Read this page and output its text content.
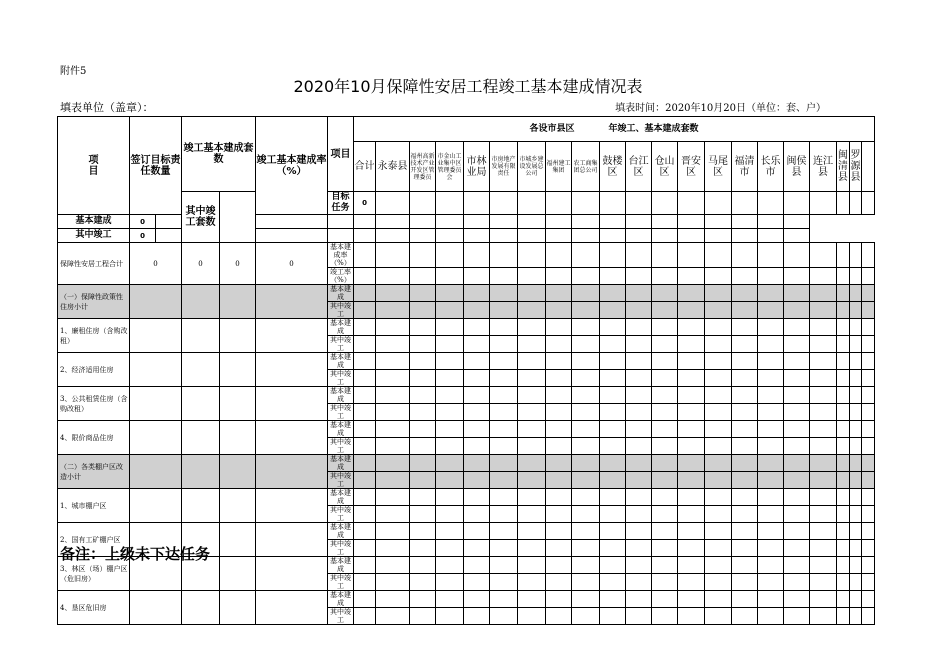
附件5
2020年10月保障性安居工程竣工基本建成情况表
填表单位（盖章）：	填表时间：2020年10月20日（单位：套、户）
项
目	签订目标责任数量		竣工基本建成套数		竣工基本建成率（%）	项目	各设市县区 年竣工、基本建成套数																				
							合计	永泰县	福州高新技术产业开发区管理委员	市金山工业集中区管理委员会	市林业局	市房地产发展有限责任	市城乡建设发展总公司	福州建工集团	农工商集团总公司	鼓楼区	台江区	仓山区	晋安区	马尾区	福清市	长乐市	闽侯县	连江县	闽清县	罗源县	
			其中竣工套数			目标任务	0																				
基本建成	0																										
其中竣工	0																										
保障性安居工程合计	0		0	0	0	基本建成率（%）																					
						竣工率（%）																					
（一）保障性政策性住房小计						基本建成																					
						其中竣工																					
1、廉租住房（含购改租）						基本建成																					
						其中竣工																					
2、经济适用住房						基本建成																					
						其中竣工																					
3、公共租赁住房（含购改租）						基本建成																					
						其中竣工																					
4、限价商品住房						基本建成																					
						其中竣工																					
（二）各类棚户区改造小计						基本建成																					
						其中竣工																					
1、城市棚户区						基本建成																					
						其中竣工																					
2、国有工矿棚户区						基本建成																					
						其中竣工																					
3、林区（场）棚户区（危旧房）						基本建成																					
						其中竣工																					
4、垦区危旧房						基本建成																					
						其中竣工																					
备注：上级未下达任务
